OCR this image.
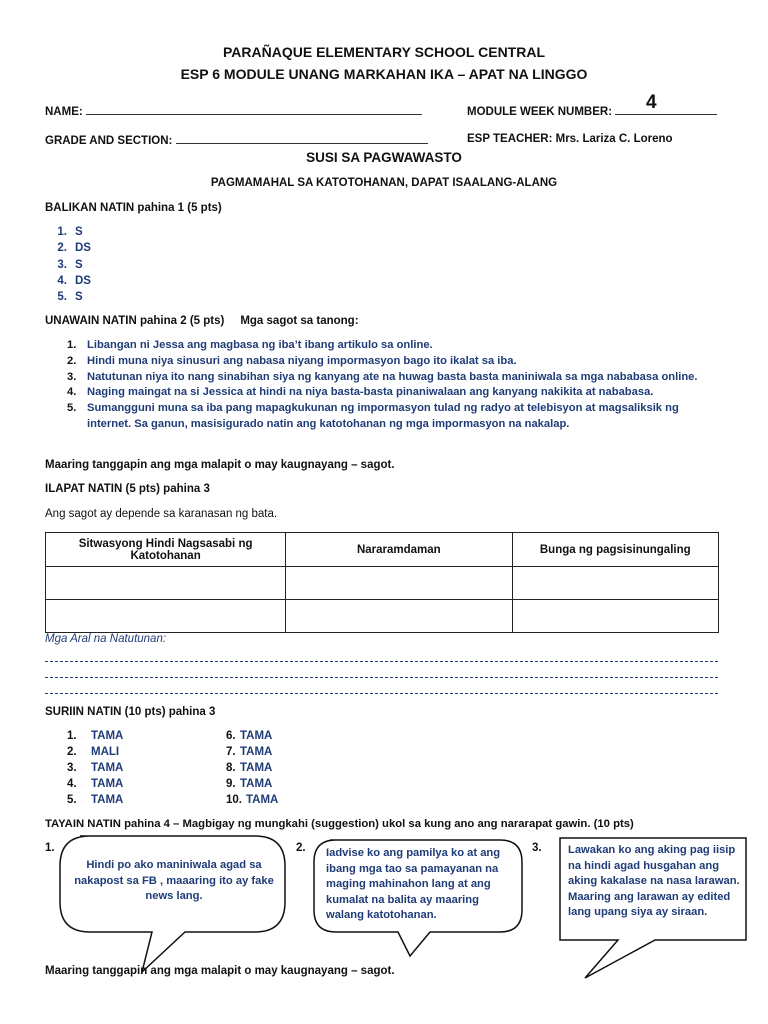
PARAÑAQUE ELEMENTARY SCHOOL CENTRAL
ESP 6 MODULE UNANG MARKAHAN IKA – APAT NA LINGGO
NAME:	MODULE WEEK NUMBER:	4
GRADE AND SECTION:	ESP TEACHER: Mrs. Lariza C. Loreno
SUSI SA PAGWAWASTO
PAGMAMAHAL SA KATOTOHANAN, DAPAT ISAALANG-ALANG
BALIKAN NATIN pahina 1 (5 pts)
1. S
2. DS
3. S
4. DS
5. S
UNAWAIN NATIN pahina 2 (5 pts) Mga sagot sa tanong:
1. Libangan ni Jessa ang magbasa ng iba’t ibang artikulo sa online.
2. Hindi muna niya sinusuri ang nabasa niyang impormasyon bago ito ikalat sa iba.
3. Natutunan niya ito nang sinabihan siya ng kanyang ate na huwag basta basta maniniwala sa mga nababasa online.
4. Naging maingat na si Jessica at hindi na niya basta-basta pinaniwalaan ang kanyang nakikita at nababasa.
5. Sumangguni muna sa iba pang mapagkukunan ng impormasyon tulad ng radyo at telebisyon at magsaliksik ng internet. Sa ganun, masisigurado natin ang katotohanan ng mga impormasyon na nakalap.
Maaring tanggapin ang mga malapit o may kaugnayang – sagot.
ILAPAT NATIN (5 pts) pahina 3
Ang sagot ay depende sa karanasan ng bata.
Sitwasyong Hindi Nagsasabi ng Katotohanan	Nararamdaman	Bunga ng pagsisinungaling

Mga Aral na Natutunan:
SURIIN NATIN (10 pts) pahina 3
1. TAMA
2. MALI
3. TAMA
4. TAMA
5. TAMA
6. TAMA
7. TAMA
8. TAMA
9. TAMA
10. TAMA
TAYAIN NATIN pahina 4 – Magbigay ng mungkahi (suggestion) ukol sa kung ano ang nararapat gawin. (10 pts)
1.
Hindi po ako maniniwala agad sa nakapost sa FB , maaaring ito ay fake news lang.
2. Iadvise ko ang pamilya ko at ang ibang mga tao sa pamayanan na maging mahinahon lang at ang kumalat na balita ay maaring walang katotohanan.
3. Lawakan ko ang aking pag iisip na hindi agad husgahan ang aking kakalase na nasa larawan. Maaring ang larawan ay edited lang upang siya ay siraan.
Maaring tanggapin ang mga malapit o may kaugnayang – sagot.
